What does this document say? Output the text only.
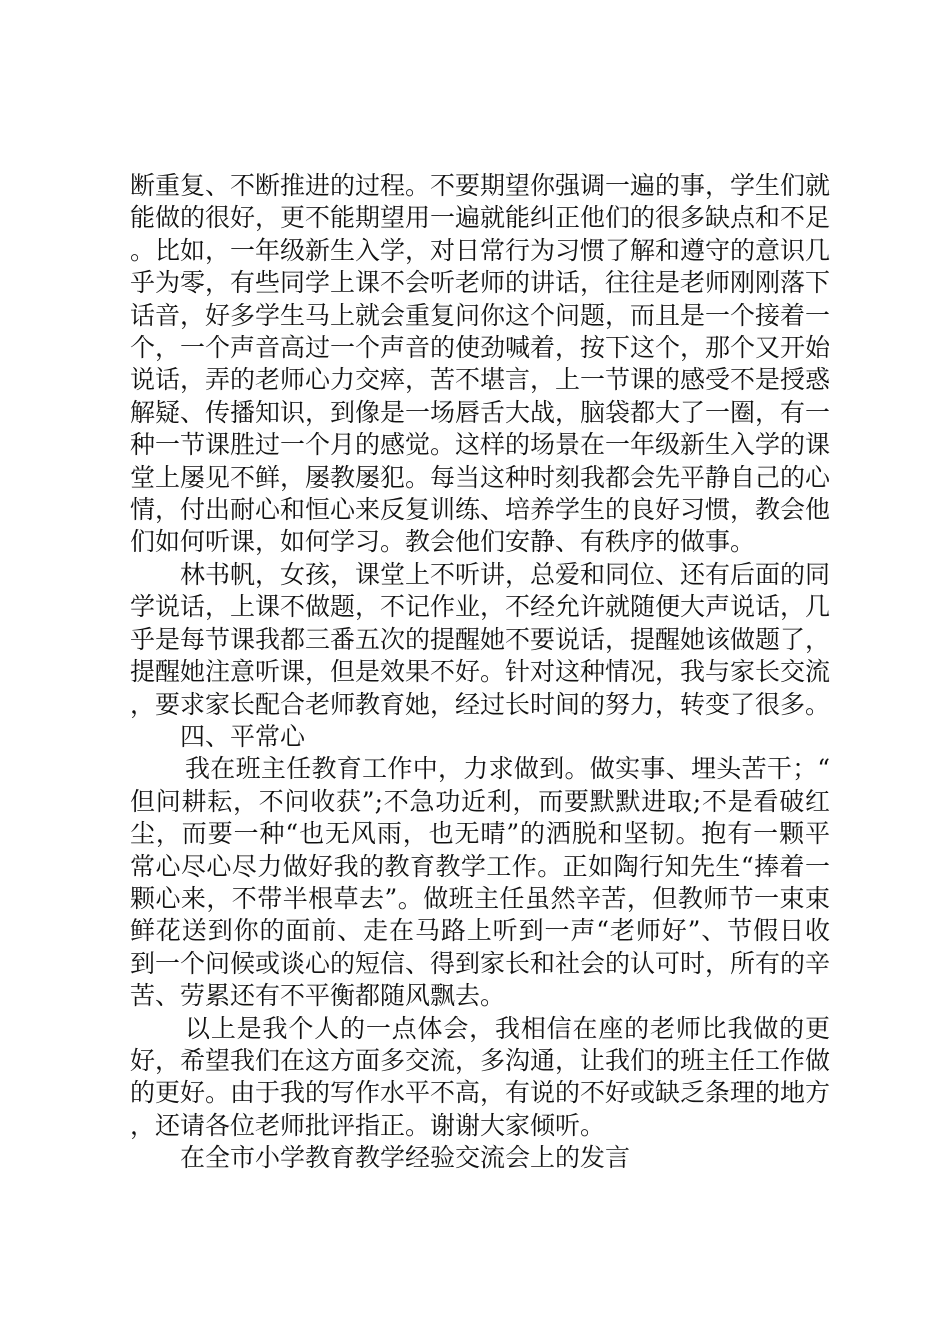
断重复、不断推进的过程。不要期望你强调一遍的事，学生们就能做的很好，更不能期望用一遍就能纠正他们的很多缺点和不足。比如，一年级新生入学，对日常行为习惯了解和遵守的意识几乎为零，有些同学上课不会听老师的讲话，往往是老师刚刚落下话音，好多学生马上就会重复问你这个问题，而且是一个接着一个，一个声音高过一个声音的使劲喊着，按下这个，那个又开始说话，弄的老师心力交瘁，苦不堪言，上一节课的感受不是授惑解疑、传播知识，到像是一场唇舌大战，脑袋都大了一圈，有一种一节课胜过一个月的感觉。这样的场景在一年级新生入学的课堂上屡见不鲜，屡教屡犯。每当这种时刻我都会先平静自己的心情，付出耐心和恒心来反复训练、培养学生的良好习惯，教会他们如何听课，如何学习。教会他们安静、有秩序的做事。

林书帆，女孩，课堂上不听讲，总爱和同位、还有后面的同学说话，上课不做题，不记作业，不经允许就随便大声说话，几乎是每节课我都三番五次的提醒她不要说话，提醒她该做题了，提醒她注意听课，但是效果不好。针对这种情况，我与家长交流，要求家长配合老师教育她，经过长时间的努力，转变了很多。

四、平常心

我在班主任教育工作中，力求做到。做实事、埋头苦干；“但问耕耘，不问收获”;不急功近利，而要默默进取;不是看破红尘，而要一种“也无风雨，也无晴”的洒脱和坚韧。抱有一颗平常心尽心尽力做好我的教育教学工作。正如陶行知先生“捧着一颗心来，不带半根草去”。做班主任虽然辛苦，但教师节一束束鲜花送到你的面前、走在马路上听到一声“老师好”、节假日收到一个问候或谈心的短信、得到家长和社会的认可时，所有的辛苦、劳累还有不平衡都随风飘去。

以上是我个人的一点体会，我相信在座的老师比我做的更好，希望我们在这方面多交流，多沟通，让我们的班主任工作做的更好。由于我的写作水平不高，有说的不好或缺乏条理的地方，还请各位老师批评指正。谢谢大家倾听。

在全市小学教育教学经验交流会上的发言
